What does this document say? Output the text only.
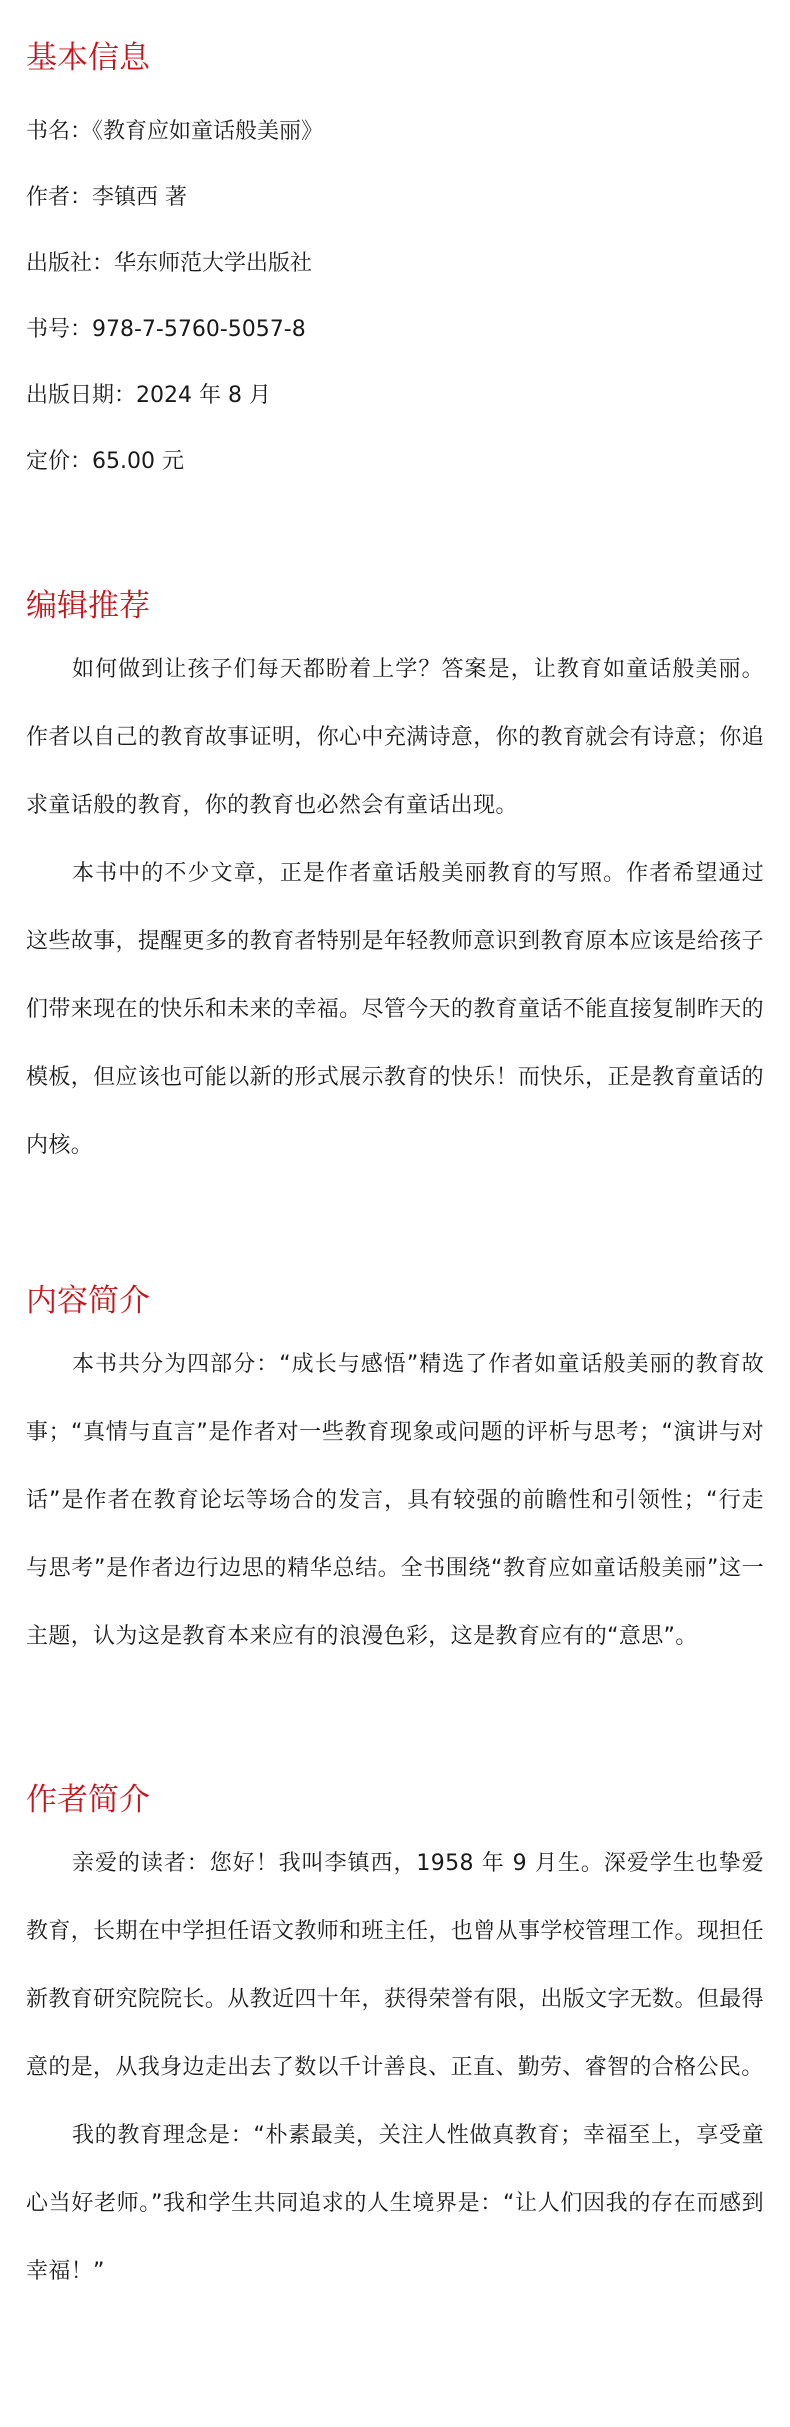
基本信息

书名：《教育应如童话般美丽》

作者：李镇西 著

出版社：华东师范大学出版社

书号：978-7-5760-5057-8

出版日期：2024 年 8 月

定价：65.00 元

编辑推荐

如何做到让孩子们每天都盼着上学？答案是，让教育如童话般美丽。作者以自己的教育故事证明，你心中充满诗意，你的教育就会有诗意；你追求童话般的教育，你的教育也必然会有童话出现。

本书中的不少文章，正是作者童话般美丽教育的写照。作者希望通过这些故事，提醒更多的教育者特别是年轻教师意识到教育原本应该是给孩子们带来现在的快乐和未来的幸福。尽管今天的教育童话不能直接复制昨天的模板，但应该也可能以新的形式展示教育的快乐！而快乐，正是教育童话的内核。

内容简介

本书共分为四部分：“成长与感悟”精选了作者如童话般美丽的教育故事；“真情与直言”是作者对一些教育现象或问题的评析与思考；“演讲与对话”是作者在教育论坛等场合的发言，具有较强的前瞻性和引领性；“行走与思考”是作者边行边思的精华总结。全书围绕“教育应如童话般美丽”这一主题，认为这是教育本来应有的浪漫色彩，这是教育应有的“意思”。

作者简介

亲爱的读者：您好！我叫李镇西，1958 年 9 月生。深爱学生也挚爱教育，长期在中学担任语文教师和班主任，也曾从事学校管理工作。现担任新教育研究院院长。从教近四十年，获得荣誉有限，出版文字无数。但最得意的是，从我身边走出去了数以千计善良、正直、勤劳、睿智的合格公民。

我的教育理念是：“朴素最美，关注人性做真教育；幸福至上，享受童心当好老师。”我和学生共同追求的人生境界是：“让人们因我的存在而感到幸福！”
